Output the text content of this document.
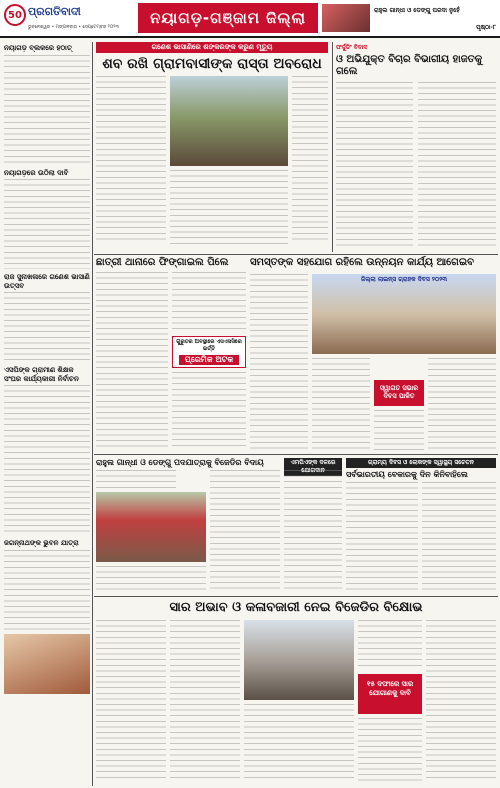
50 ପ୍ରଗତିବାଦୀ
ଭୁବନେଶ୍ୱର • ମଙ୍ଗଳବାର • ସେପ୍ଟେମ୍ବର ୨୦୨୩
ନୟାଗଡ଼-ଗଞ୍ଜାମ ଜିଲ୍ଲା	ରାହୁଲ ଗାନ୍ଧୀ ଓ ଡେଙ୍ଗୁ ପରଦା ନୁହେଁ
ପୃଷ୍ଠା-୮
ନୟାଗଡ଼ ବ୍ଲକରେ ହଠାତ୍
ନୟାଗଡ଼ରେ ଉଠିଲା ଦାବି
ରାଜ ସୁନାଖଳାରେ ଗଣେଶ ଭାସାଣି ଉତ୍ସବ
ଏସପିଙ୍କ ଗ୍ରାମୀଣ ଶିକ୍ଷକ ସଂଘର କାର୍ଯ୍ୟକାରୀ ନିର୍ବାଚନ
ଜଗନ୍ନାଥଙ୍କ ଭୁବନ ଯାତ୍ରା
ଗଣେଶ ଭାସାଣିରେ ଶଙ୍କରଙ୍କ କରୁଣ ମୃତ୍ୟୁ
ଶବ ରଖି ଗ୍ରାମବାସୀଙ୍କ ରାସ୍ତା ଅବରୋଧ
ଫର୍ଦ୍ଦୁଡିଂ ବିବାଦ
ଓ ଅଭିଯୁକ୍ତ ବିଚାର ବିଭାଗୀୟ ହାଜତକୁ ଗଲେ
ଛାତ୍ରୀ ଥାନାରେ ଫିଙ୍ଗାଇଲ ପିଲେ
ଗୁରୁତର ଅବସ୍ଥାରେ ଏସଏସସିରେ ଭର୍ତ୍ତି
ପ୍ରେମିକ ଅଟକ
ସମସ୍ତଙ୍କ ସହଯୋଗ ରହିଲେ ଉନ୍ନୟନ କାର୍ଯ୍ୟ ଆଗେଇବ
ଜିଲ୍ଲା ଲାଇନ୍ସ ଗ୍ରାହକ ଦିବସ ୨୦୨୩
ସ୍ୱାଗତ ସଭାର ଦିବସ ପାଳିତ
ରାହୁଲ ଗାନ୍ଧୀ ଓ ଡେଙ୍ଗୁ ପଦଯାତ୍ରାକୁ ବିଜେଡିର ବିଦାୟ	ଏମପିଏଙ୍କ ଦଳରେ ଯୋଗଦାନ
ଗ୍ରାମ୍ୟ ଦିବସ ଓ ଲୋକଙ୍କ ସ୍ୱାସ୍ଥ୍ୟ ସଚେତନ
ସର୍ବଭାରତୀୟ ବେକାରକୁ ଦିନ କିନିବାହିଲେ
ସାର ଅଭାବ ଓ କଳାବଜାରୀ ନେଇ ବିଜେଡିର ବିକ୍ଷୋଭ
୧୫ ଦଫାରେ ସାର ଯୋଗାଣକୁ ଦାବି
